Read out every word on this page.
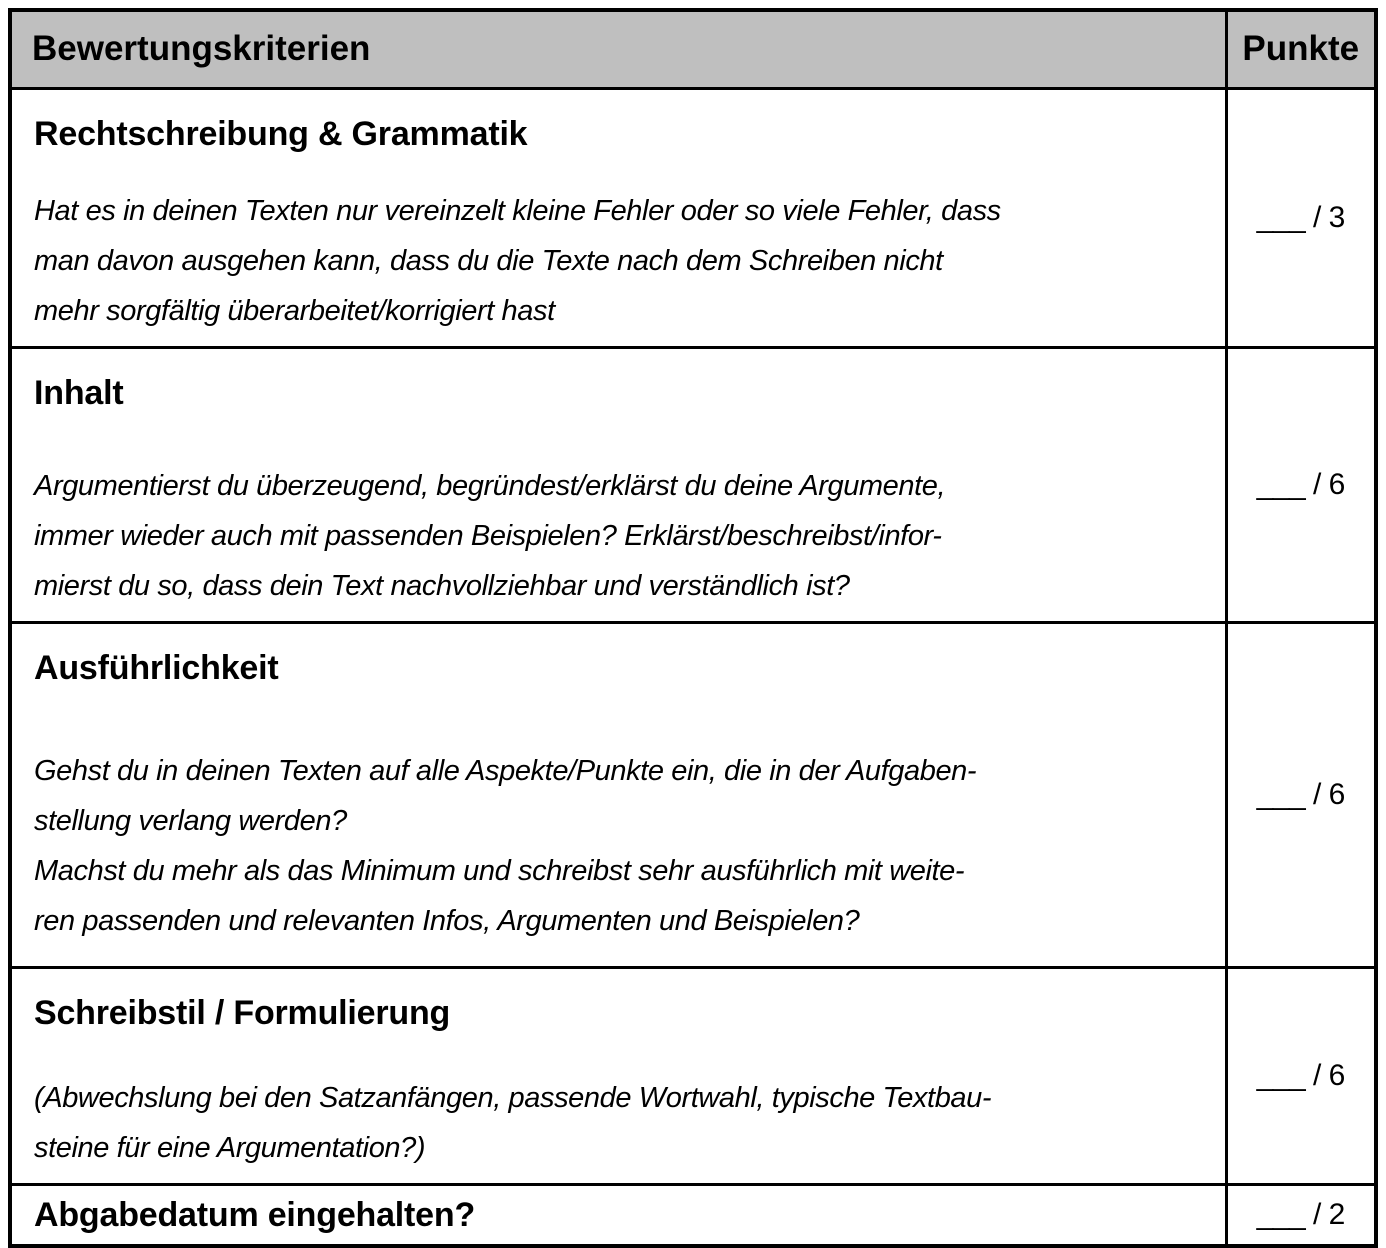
Bewertungskriterien	Punkte

Rechtschreibung & Grammatik
Hat es in deinen Texten nur vereinzelt kleine Fehler oder so viele Fehler, dass
man davon ausgehen kann, dass du die Texte nach dem Schreiben nicht
mehr sorgfältig überarbeitet/korrigiert hast	___ / 3

Inhalt
Argumentierst du überzeugend, begründest/erklärst du deine Argumente,
immer wieder auch mit passenden Beispielen? Erklärst/beschreibst/infor-
mierst du so, dass dein Text nachvollziehbar und verständlich ist?	___ / 6

Ausführlichkeit
Gehst du in deinen Texten auf alle Aspekte/Punkte ein, die in der Aufgaben-
stellung verlang werden?
Machst du mehr als das Minimum und schreibst sehr ausführlich mit weite-
ren passenden und relevanten Infos, Argumenten und Beispielen?	___ / 6

Schreibstil / Formulierung
(Abwechslung bei den Satzanfängen, passende Wortwahl, typische Textbau-
steine für eine Argumentation?)	___ / 6

Abgabedatum eingehalten?	___ / 2
